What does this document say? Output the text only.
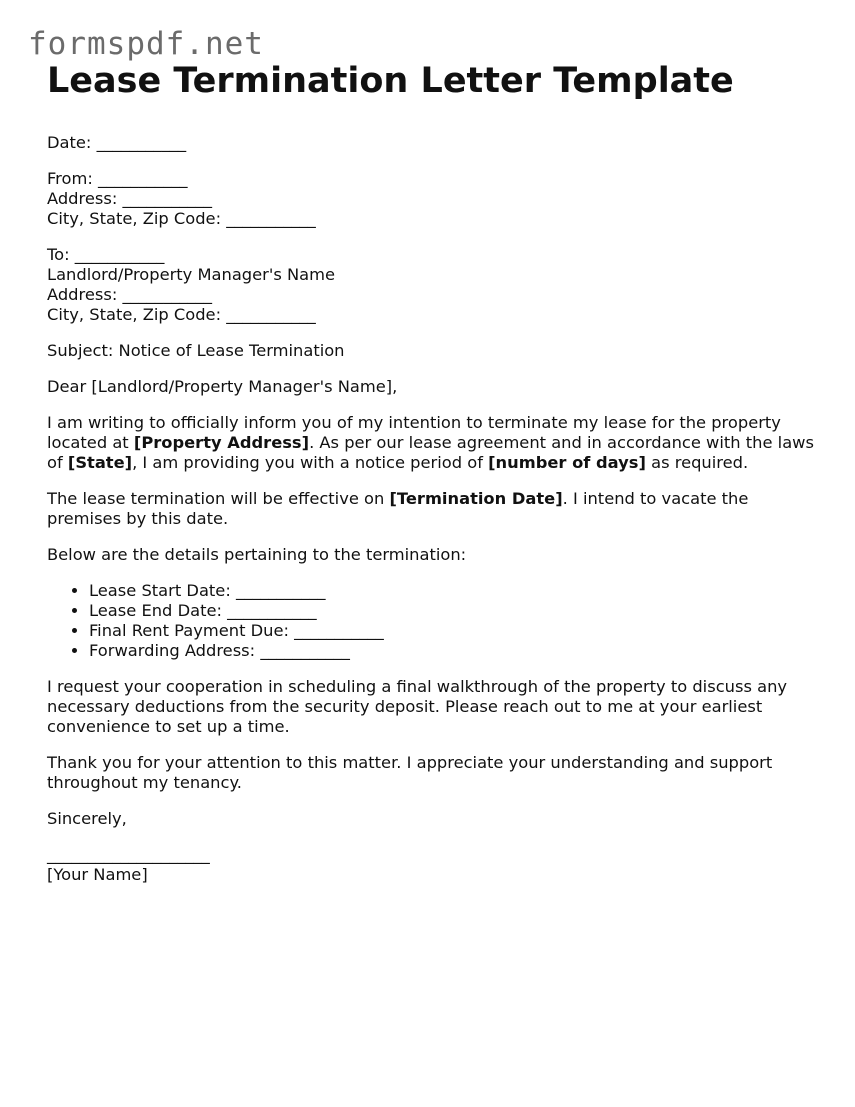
formspdf.net
Lease Termination Letter Template
Date: ___________
From: ___________
Address: ___________
City, State, Zip Code: ___________
To: ___________
Landlord/Property Manager's Name
Address: ___________
City, State, Zip Code: ___________

Subject: Notice of Lease Termination

Dear [Landlord/Property Manager's Name],

I am writing to officially inform you of my intention to terminate my lease for the property located at [Property Address]. As per our lease agreement and in accordance with the laws of [State], I am providing you with a notice period of [number of days] as required.

The lease termination will be effective on [Termination Date]. I intend to vacate the premises by this date.

Below are the details pertaining to the termination:

• Lease Start Date: ___________
• Lease End Date: ___________
• Final Rent Payment Due: ___________
• Forwarding Address: ___________

I request your cooperation in scheduling a final walkthrough of the property to discuss any necessary deductions from the security deposit. Please reach out to me at your earliest convenience to set up a time.

Thank you for your attention to this matter. I appreciate your understanding and support throughout my tenancy.

Sincerely,

____________________
[Your Name]
